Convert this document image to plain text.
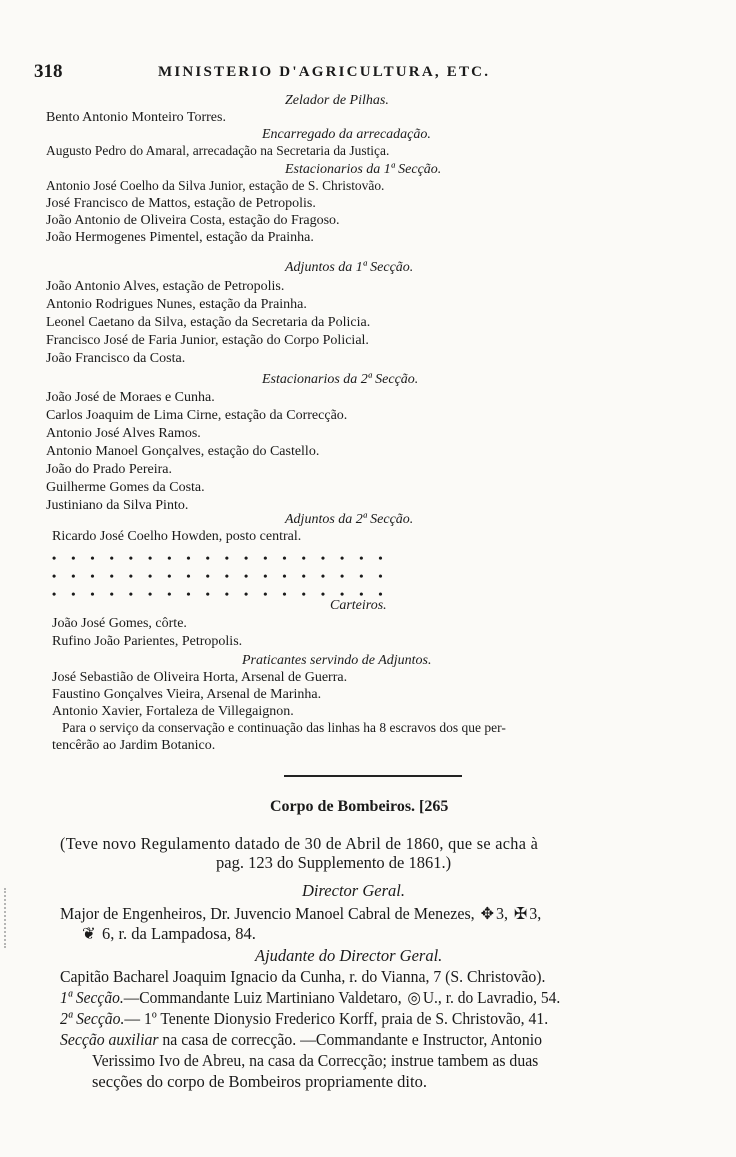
318	MINISTERIO D'AGRICULTURA, ETC.
Zelador de Pilhas.
Bento Antonio Monteiro Torres.
Encarregado da arrecadação.
Augusto Pedro do Amaral, arrecadação na Secretaria da Justiça.
Estacionarios da 1ª Secção.
Antonio José Coelho da Silva Junior, estação de S. Christovão.
José Francisco de Mattos, estação de Petropolis.
João Antonio de Oliveira Costa, estação do Fragoso.
João Hermogenes Pimentel, estação da Prainha.
Adjuntos da 1ª Secção.
João Antonio Alves, estação de Petropolis.
Antonio Rodrigues Nunes, estação da Prainha.
Leonel Caetano da Silva, estação da Secretaria da Policia.
Francisco José de Faria Junior, estação do Corpo Policial.
João Francisco da Costa.
Estacionarios da 2ª Secção.
João José de Moraes e Cunha.
Carlos Joaquim de Lima Cirne, estação da Correcção.
Antonio José Alves Ramos.
Antonio Manoel Gonçalves, estação do Castello.
João do Prado Pereira.
Guilherme Gomes da Costa.
Justiniano da Silva Pinto.
Adjuntos da 2ª Secção.
Ricardo José Coelho Howden, posto central.
• • • • • • • • • • • • • • • • • •
• • • • • • • • • • • • • • • • • •
• • • • • • • • • • • • • • • • • •
Carteiros.
João José Gomes, côrte.
Rufino João Parientes, Petropolis.
Praticantes servindo de Adjuntos.
José Sebastião de Oliveira Horta, Arsenal de Guerra.
Faustino Gonçalves Vieira, Arsenal de Marinha.
Antonio Xavier, Fortaleza de Villegaignon.
Para o serviço da conservação e continuação das linhas ha 8 escravos dos que per-
tencêrão ao Jardim Botanico.
Corpo de Bombeiros. [265
(Teve novo Regulamento datado de 30 de Abril de 1860, que se acha à
pag. 123 do Supplemento de 1861.)
Director Geral.
Major de Engenheiros, Dr. Juvencio Manoel Cabral de Menezes, ✥ 3, ✠ 3,
❦ 6, r. da Lampadosa, 84.
Ajudante do Director Geral.
Capitão Bacharel Joaquim Ignacio da Cunha, r. do Vianna, 7 (S. Christovão).
1ª Secção.—Commandante Luiz Martiniano Valdetaro, ◎ U., r. do Lavradio, 54.
2ª Secção.— 1º Tenente Dionysio Frederico Korff, praia de S. Christovão, 41.
Secção auxiliar na casa de correcção. —Commandante e Instructor, Antonio
Verissimo Ivo de Abreu, na casa da Correcção; instrue tambem as duas
secções do corpo de Bombeiros propriamente dito.
